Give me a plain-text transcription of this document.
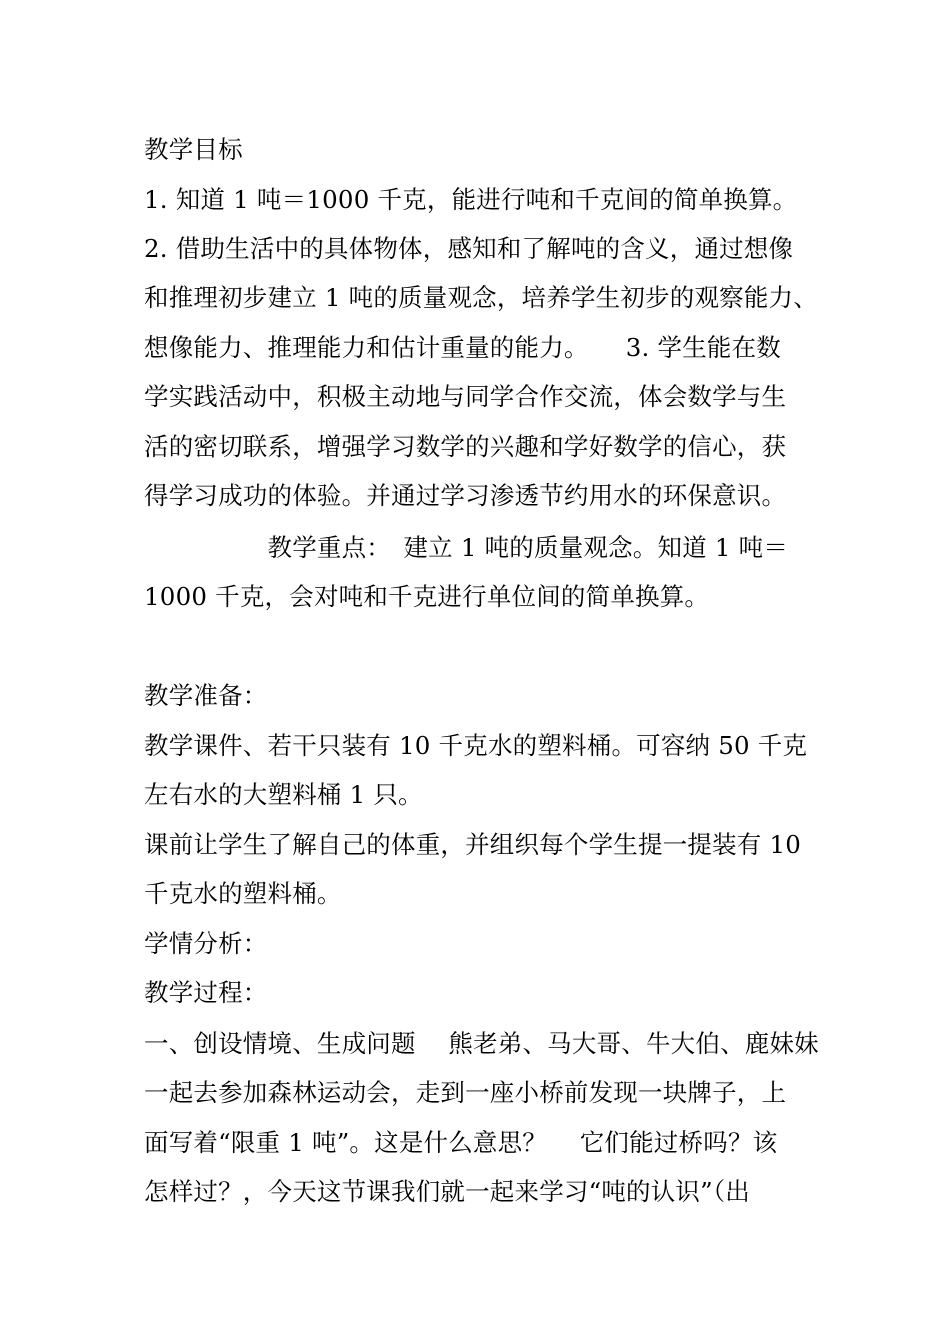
教学目标
1. 知道 1 吨＝1000 千克，能进行吨和千克间的简单换算。
2. 借助生活中的具体物体，感知和了解吨的含义，通过想像
和推理初步建立 1 吨的质量观念，培养学生初步的观察能力、
想像能力、推理能力和估计重量的能力。　　3. 学生能在数
学实践活动中，积极主动地与同学合作交流，体会数学与生
活的密切联系，增强学习数学的兴趣和学好数学的信心，获
得学习成功的体验。并通过学习渗透节约用水的环保意识。
　　　　　教学重点：　建立 1 吨的质量观念。知道 1 吨＝
1000 千克，会对吨和千克进行单位间的简单换算。
教学准备：
教学课件、若干只装有 10 千克水的塑料桶。可容纳 50 千克
左右水的大塑料桶 1 只。
课前让学生了解自己的体重，并组织每个学生提一提装有 10
千克水的塑料桶。
学情分析：
教学过程：
一、创设情境、生成问题　 熊老弟、马大哥、牛大伯、鹿妹妹
一起去参加森林运动会，走到一座小桥前发现一块牌子，上
面写着“限重 1 吨”。这是什么意思？　 它们能过桥吗？该
怎样过？，今天这节课我们就一起来学习“吨的认识”（出
